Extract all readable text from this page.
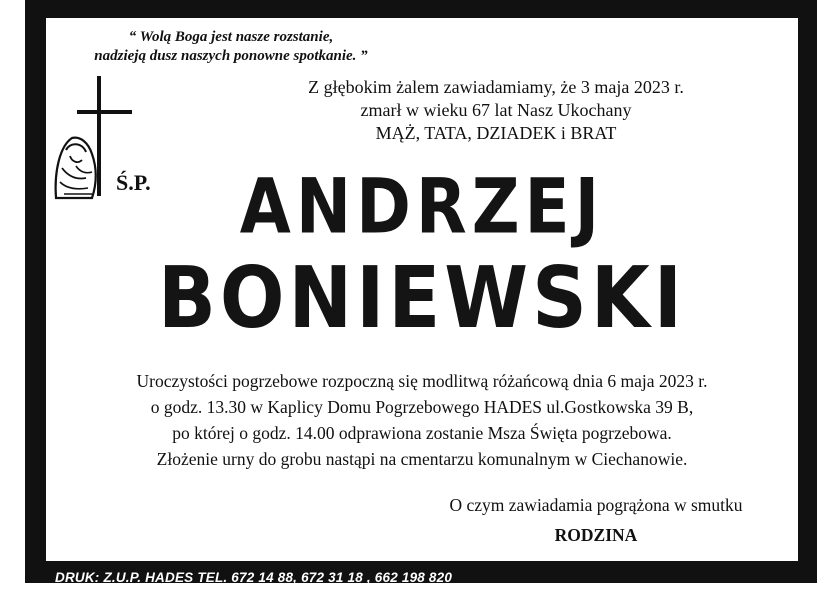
“ Wolą Boga jest nasze rozstanie,
nadzieją dusz naszych ponowne spotkanie. ”
Z głębokim żalem zawiadamiamy, że 3 maja 2023 r.
zmarł w wieku 67 lat Nasz Ukochany
MĄŻ, TATA, DZIADEK i BRAT
Ś.P.	ANDRZEJ
BONIEWSKI
Uroczystości pogrzebowe rozpoczną się modlitwą różańcową dnia 6 maja 2023 r.
o godz. 13.30 w Kaplicy Domu Pogrzebowego HADES ul.Gostkowska 39 B,
po której o godz. 14.00 odprawiona zostanie Msza Święta pogrzebowa.
Złożenie urny do grobu nastąpi na cmentarzu komunalnym w Ciechanowie.
O czym zawiadamia pogrążona w smutku
RODZINA
DRUK: Z.U.P. HADES TEL. 672 14 88, 672 31 18 , 662 198 820
